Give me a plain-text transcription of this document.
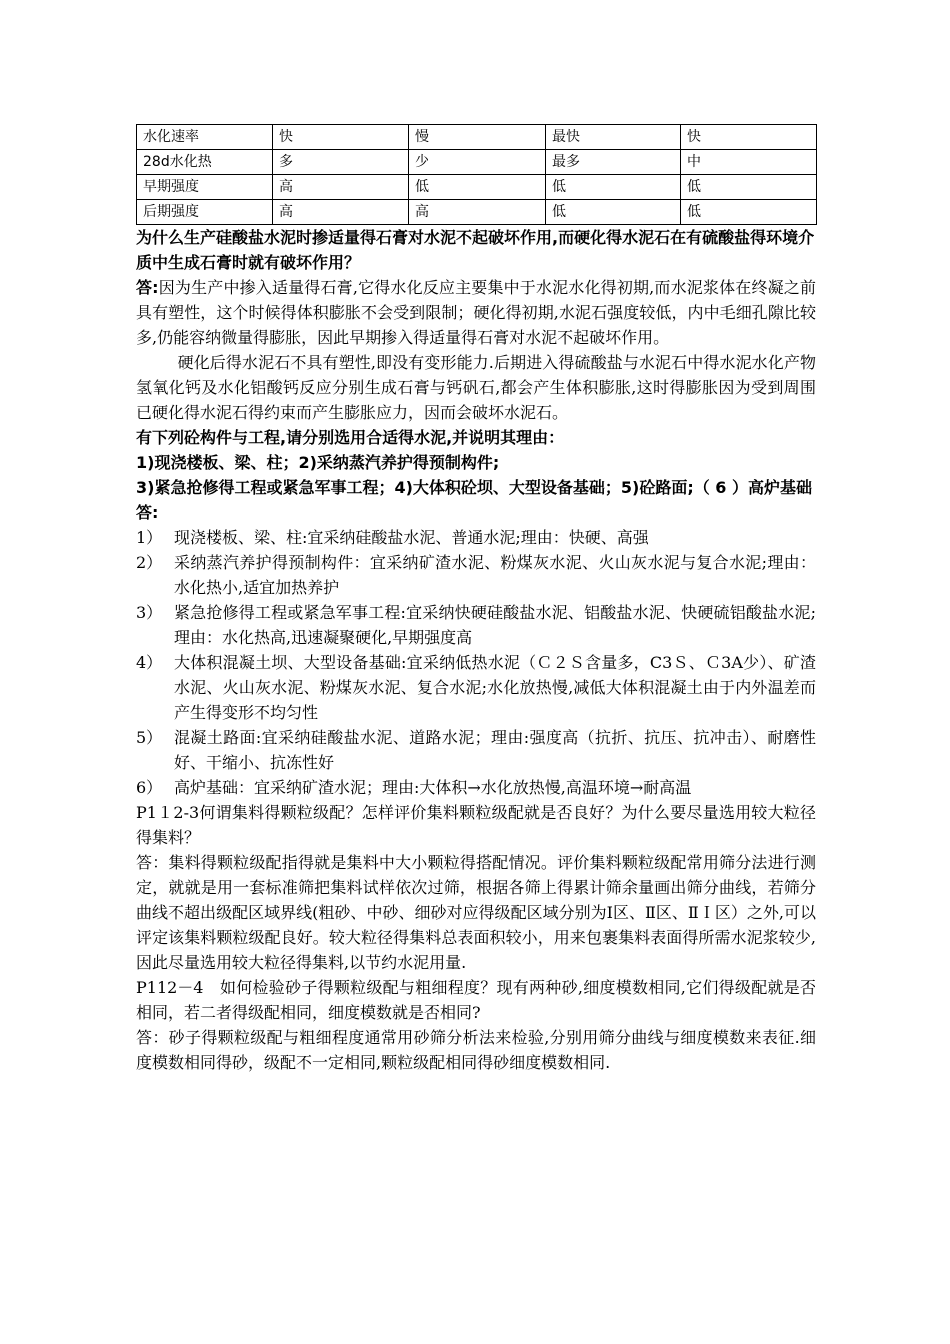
水化速率	快	慢	最快	快
28d水化热	多	少	最多	中
早期强度	高	低	低	低
后期强度	高	高	低	低

为什么生产硅酸盐水泥时掺适量得石膏对水泥不起破坏作用,而硬化得水泥石在有硫酸盐得环境介质中生成石膏时就有破坏作用？

答:因为生产中掺入适量得石膏,它得水化反应主要集中于水泥水化得初期,而水泥浆体在终凝之前具有塑性，这个时候得体积膨胀不会受到限制；硬化得初期,水泥石强度较低，内中毛细孔隙比较多,仍能容纳微量得膨胀，因此早期掺入得适量得石膏对水泥不起破坏作用。

硬化后得水泥石不具有塑性,即没有变形能力.后期进入得硫酸盐与水泥石中得水泥水化产物氢氧化钙及水化铝酸钙反应分别生成石膏与钙矾石,都会产生体积膨胀,这时得膨胀因为受到周围已硬化得水泥石得约束而产生膨胀应力，因而会破坏水泥石。

有下列砼构件与工程,请分别选用合适得水泥,并说明其理由：

1)现浇楼板、梁、柱；2)采纳蒸汽养护得预制构件;

3)紧急抢修得工程或紧急军事工程；4)大体积砼坝、大型设备基础；5)砼路面;（ 6 ）高炉基础

答:

1） 现浇楼板、梁、柱:宜采纳硅酸盐水泥、普通水泥;理由：快硬、高强
2） 采纳蒸汽养护得预制构件：宜采纳矿渣水泥、粉煤灰水泥、火山灰水泥与复合水泥;理由：水化热小,适宜加热养护
3） 紧急抢修得工程或紧急军事工程:宜采纳快硬硅酸盐水泥、铝酸盐水泥、快硬硫铝酸盐水泥;理由：水化热高,迅速凝聚硬化,早期强度高
4） 大体积混凝土坝、大型设备基础:宜采纳低热水泥（Ｃ２Ｓ含量多，C3Ｓ、Ｃ3A少）、矿渣水泥、火山灰水泥、粉煤灰水泥、复合水泥;水化放热慢,减低大体积混凝土由于内外温差而产生得变形不均匀性
5） 混凝土路面:宜采纳硅酸盐水泥、道路水泥；理由:强度高（抗折、抗压、抗冲击）、耐磨性好、干缩小、抗冻性好
6） 高炉基础：宜采纳矿渣水泥；理由:大体积→水化放热慢,高温环境→耐高温

P1１2-3何谓集料得颗粒级配？怎样评价集料颗粒级配就是否良好？为什么要尽量选用较大粒径得集料？

答：集料得颗粒级配指得就是集料中大小颗粒得搭配情况。评价集料颗粒级配常用筛分法进行测定，就就是用一套标准筛把集料试样依次过筛，根据各筛上得累计筛余量画出筛分曲线，若筛分曲线不超出级配区域界线(粗砂、中砂、细砂对应得级配区域分别为Ⅰ区、Ⅱ区、ⅡＩ区）之外,可以评定该集料颗粒级配良好。较大粒径得集料总表面积较小，用来包裹集料表面得所需水泥浆较少,因此尽量选用较大粒径得集料,以节约水泥用量.

P112－4　如何检验砂子得颗粒级配与粗细程度？现有两种砂,细度模数相同,它们得级配就是否相同，若二者得级配相同，细度模数就是否相同?

答：砂子得颗粒级配与粗细程度通常用砂筛分析法来检验,分别用筛分曲线与细度模数来表征.细度模数相同得砂，级配不一定相同,颗粒级配相同得砂细度模数相同.
